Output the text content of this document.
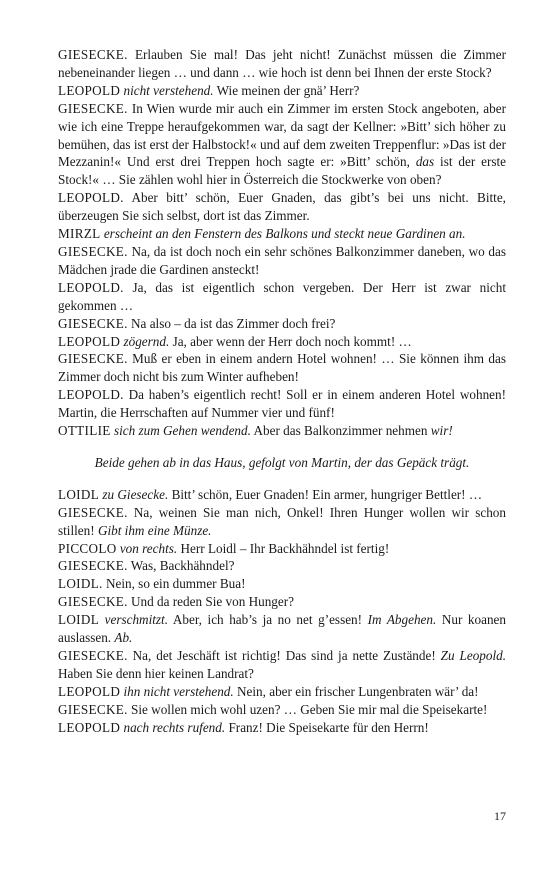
GIESECKE. Erlauben Sie mal! Das jeht nicht! Zunächst müssen die Zimmer nebeneinander liegen … und dann … wie hoch ist denn bei Ihnen der erste Stock?

LEOPOLD nicht verstehend. Wie meinen der gnä’ Herr?

GIESECKE. In Wien wurde mir auch ein Zimmer im ersten Stock angeboten, aber wie ich eine Treppe heraufgekommen war, da sagt der Kellner: »Bitt’ sich höher zu bemühen, das ist erst der Halbstock!« und auf dem zweiten Treppenflur: »Das ist der Mezzanin!« Und erst drei Treppen hoch sagte er: »Bitt’ schön, das ist der erste Stock!« … Sie zählen wohl hier in Österreich die Stockwerke von oben?

LEOPOLD. Aber bitt’ schön, Euer Gnaden, das gibt’s bei uns nicht. Bitte, überzeugen Sie sich selbst, dort ist das Zimmer.

MIRZL erscheint an den Fenstern des Balkons und steckt neue Gardinen an.

GIESECKE. Na, da ist doch noch ein sehr schönes Balkonzimmer daneben, wo das Mädchen jrade die Gardinen ansteckt!

LEOPOLD. Ja, das ist eigentlich schon vergeben. Der Herr ist zwar nicht gekommen …

GIESECKE. Na also – da ist das Zimmer doch frei?

LEOPOLD zögernd. Ja, aber wenn der Herr doch noch kommt! …

GIESECKE. Muß er eben in einem andern Hotel wohnen! … Sie können ihm das Zimmer doch nicht bis zum Winter aufheben!

LEOPOLD. Da haben’s eigentlich recht! Soll er in einem anderen Hotel wohnen! Martin, die Herrschaften auf Nummer vier und fünf!

OTTILIE sich zum Gehen wendend. Aber das Balkonzimmer nehmen wir!

Beide gehen ab in das Haus, gefolgt von Martin, der das Gepäck trägt.

LOIDL zu Giesecke. Bitt’ schön, Euer Gnaden! Ein armer, hungriger Bettler! …

GIESECKE. Na, weinen Sie man nich, Onkel! Ihren Hunger wollen wir schon stillen! Gibt ihm eine Münze.

PICCOLO von rechts. Herr Loidl – Ihr Backhähndel ist fertig!

GIESECKE. Was, Backhähndel?

LOIDL. Nein, so ein dummer Bua!

GIESECKE. Und da reden Sie von Hunger?

LOIDL verschmitzt. Aber, ich hab’s ja no net g’essen! Im Abgehen. Nur koanen auslassen. Ab.

GIESECKE. Na, det Jeschäft ist richtig! Das sind ja nette Zustände! Zu Leopold. Haben Sie denn hier keinen Landrat?

LEOPOLD ihn nicht verstehend. Nein, aber ein frischer Lungenbraten wär’ da!

GIESECKE. Sie wollen mich wohl uzen? … Geben Sie mir mal die Speisekarte!

LEOPOLD nach rechts rufend. Franz! Die Speisekarte für den Herrn!

17
